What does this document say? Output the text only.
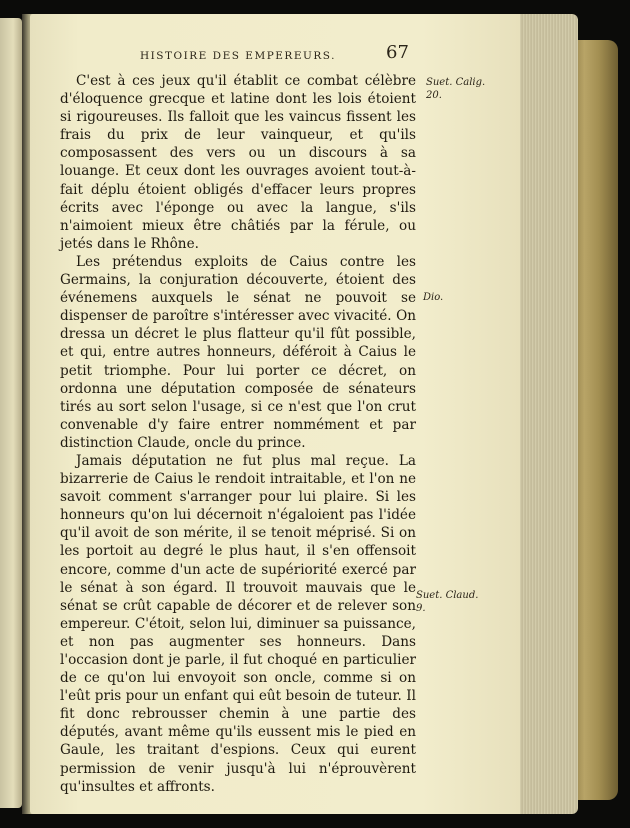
HISTOIRE DES EMPEREURS.	67

C'est à ces jeux qu'il établit ce combat célèbre d'éloquence grecque et latine dont les lois étoient si rigoureuses. Ils falloit que les vaincus fissent les frais du prix de leur vainqueur, et qu'ils composassent des vers ou un discours à sa louange. Et ceux dont les ouvrages avoient tout-à-fait déplu étoient obligés d'effacer leurs propres écrits avec l'éponge ou avec la langue, s'ils n'aimoient mieux être châtiés par la férule, ou jetés dans le Rhône.

Les prétendus exploits de Caius contre les Germains, la conjuration découverte, étoient des événemens auxquels le sénat ne pouvoit se dispenser de paroître s'intéresser avec vivacité. On dressa un décret le plus flatteur qu'il fût possible, et qui, entre autres honneurs, déféroit à Caius le petit triomphe. Pour lui porter ce décret, on ordonna une députation composée de sénateurs tirés au sort selon l'usage, si ce n'est que l'on crut convenable d'y faire entrer nommément et par distinction Claude, oncle du prince.

Jamais députation ne fut plus mal reçue. La bizarrerie de Caius le rendoit intraitable, et l'on ne savoit comment s'arranger pour lui plaire. Si les honneurs qu'on lui décernoit n'égaloient pas l'idée qu'il avoit de son mérite, il se tenoit méprisé. Si on les portoit au degré le plus haut, il s'en offensoit encore, comme d'un acte de supériorité exercé par le sénat à son égard. Il trouvoit mauvais que le sénat se crût capable de décorer et de relever son empereur. C'étoit, selon lui, diminuer sa puissance, et non pas augmenter ses honneurs. Dans l'occasion dont je parle, il fut choqué en particulier de ce qu'on lui envoyoit son oncle, comme si on l'eût pris pour un enfant qui eût besoin de tuteur. Il fit donc rebrousser chemin à une partie des députés, avant même qu'ils eussent mis le pied en Gaule, les traitant d'espions. Ceux qui eurent permission de venir jusqu'à lui n'éprouvèrent qu'insultes et affronts.

Suet. Calig. 20.
Dio.
Suet. Claud. 9.
